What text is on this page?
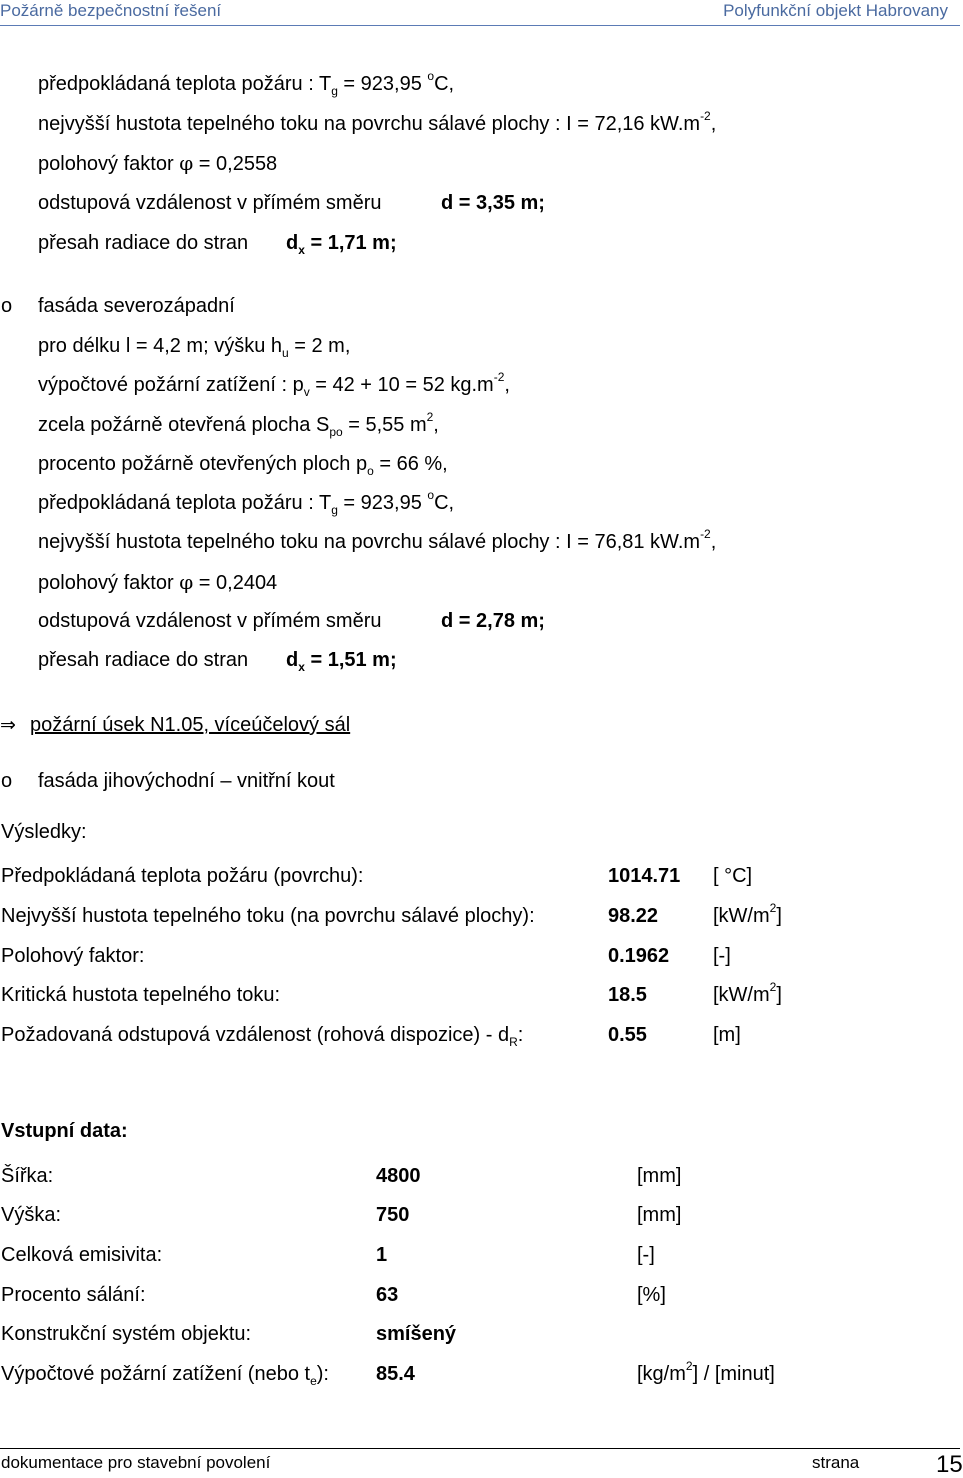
Požárně bezpečnostní řešení	Polyfunkční objekt Habrovany
předpokládaná teplota požáru : $T_g = 923,95$ $^o$C,
nejvyšší hustota tepelného toku na povrchu sálavé plochy : I = 72,16 $kW.m^{-2}$,
polohový faktor φ = 0,2558
odstupová vzdálenost v přímém směru	d = 3,35 m;
přesah radiace do stran $d_x = 1,71$ m;
o fasáda severozápadní
pro délku l = 4,2 m; výšku $h_u = 2$ m,
výpočtové požární zatížení : $p_v = 42 + 10 = 52$ $kg.m^{-2}$,
zcela požárně otevřená plocha $S_{po} = 5,55$ $m^2$,
procento požárně otevřených ploch $p_o = 66$ %,
předpokládaná teplota požáru : $T_g = 923,95$ $^o$C,
nejvyšší hustota tepelného toku na povrchu sálavé plochy : I = 76,81 $kW.m^{-2}$,
polohový faktor φ = 0,2404
odstupová vzdálenost v přímém směru	d = 2,78 m;
přesah radiace do stran $d_x = 1,51$ m;
⇒ požární úsek N1.05, víceúčelový sál
o fasáda jihovýchodní – vnitřní kout
Výsledky:
Předpokládaná teplota požáru (povrchu):	1014.71 [ °C]
Nejvyšší hustota tepelného toku (na povrchu sálavé plochy):	98.22	$[kW/m^2]$
Polohový faktor:	0.1962 [-]
Kritická hustota tepelného toku:	18.5	$[kW/m^2]$
Požadovaná odstupová vzdálenost (rohová dispozice) - $d_R$:	0.55	[m]
Vstupní data:
Šířka:	4800	[mm]
Výška:	750	[mm]
Celková emisivita:	1	[-]
Procento sálání:	63	[%]
Konstrukční systém objektu:	smíšený
Výpočtové požární zatížení (nebo $t_e$): 85.4	$[kg/m^2]$ / [minut]
dokumentace pro stavební povolení	strana	15
